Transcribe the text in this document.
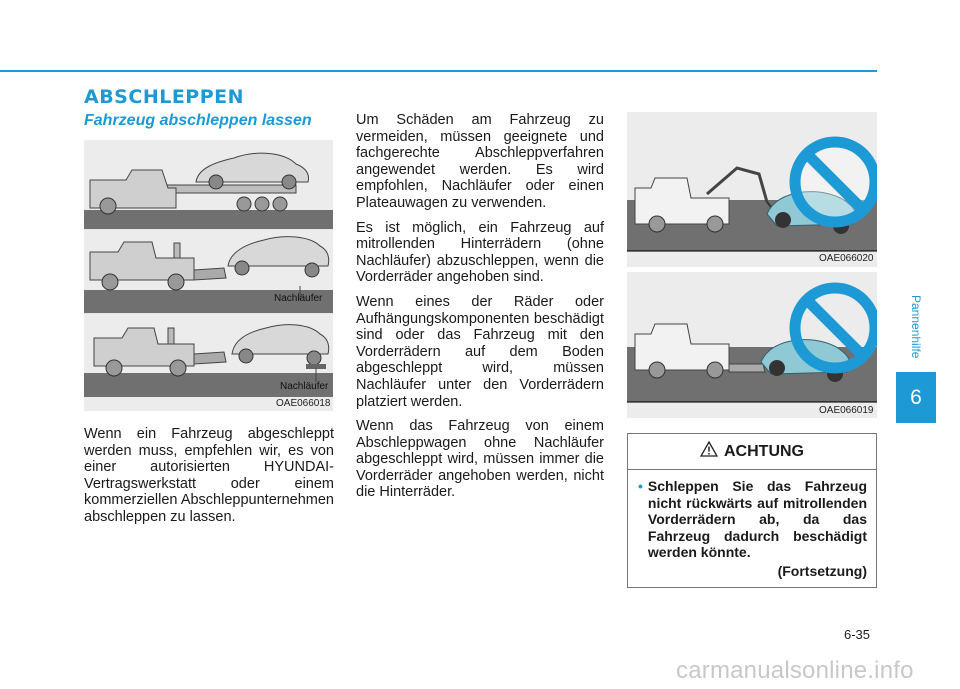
ABSCHLEPPEN
Fahrzeug abschleppen lassen
Nachläufer
Nachläufer
OAE066018

Wenn ein Fahrzeug abgeschleppt werden muss, empfehlen wir, es von einer autorisierten HYUNDAI-Vertragswerkstatt oder einem kommerziellen Abschleppunternehmen abschleppen zu lassen.

Um Schäden am Fahrzeug zu vermeiden, müssen geeignete und fachgerechte Abschleppverfahren angewendet werden. Es wird empfohlen, Nachläufer oder einen Plateauwagen zu verwenden.

Es ist möglich, ein Fahrzeug auf mitrollenden Hinterrädern (ohne Nachläufer) abzuschleppen, wenn die Vorderräder angehoben sind.

Wenn eines der Räder oder Aufhängungskomponenten beschädigt sind oder das Fahrzeug mit den Vorderrädern auf dem Boden abgeschleppt wird, müssen Nachläufer unter den Vorderrädern platziert werden.

Wenn das Fahrzeug von einem Abschleppwagen ohne Nachläufer abgeschleppt wird, müssen immer die Vorderräder angehoben werden, nicht die Hinterräder.

OAE066020
OAE066019
ACHTUNG
• Schleppen Sie das Fahrzeug nicht rückwärts auf mitrollenden Vorderrädern ab, da das Fahrzeug dadurch beschädigt werden könnte.
(Fortsetzung)
Pannenhilfe
6
6-35
carmanualsonline.info
